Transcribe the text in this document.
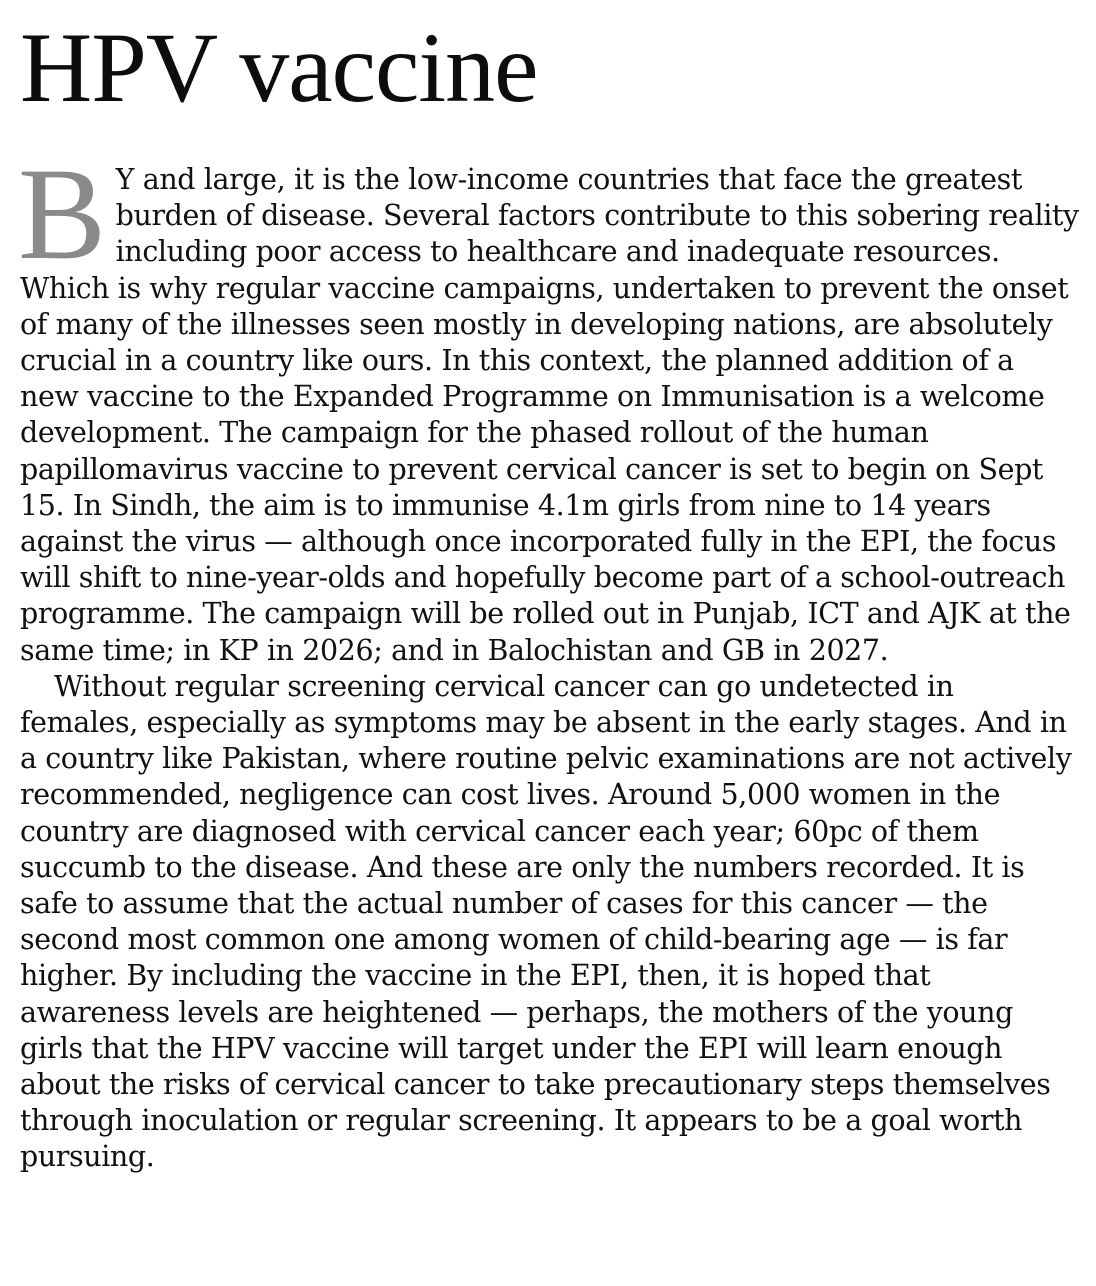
HPV vaccine

B Y and large, it is the low-income countries that face the greatest burden of disease. Several factors contribute to this sobering reality including poor access to healthcare and inadequate resources. Which is why regular vaccine campaigns, undertaken to prevent the onset of many of the illnesses seen mostly in developing nations, are absolutely crucial in a country like ours. In this context, the planned addition of a new vaccine to the Expanded Programme on Immunisation is a welcome development. The campaign for the phased rollout of the human papillomavirus vaccine to prevent cervical cancer is set to begin on Sept 15. In Sindh, the aim is to immunise 4.1m girls from nine to 14 years against the virus — although once incorporated fully in the EPI, the focus will shift to nine-year-olds and hopefully become part of a school-outreach programme. The campaign will be rolled out in Punjab, ICT and AJK at the same time; in KP in 2026; and in Balochistan and GB in 2027.

Without regular screening cervical cancer can go undetected in females, especially as symptoms may be absent in the early stages. And in a country like Pakistan, where routine pelvic examinations are not actively recommended, negligence can cost lives. Around 5,000 women in the country are diagnosed with cervical cancer each year; 60pc of them succumb to the disease. And these are only the numbers recorded. It is safe to assume that the actual number of cases for this cancer — the second most common one among women of child-bearing age — is far higher. By including the vaccine in the EPI, then, it is hoped that awareness levels are heightened — perhaps, the mothers of the young girls that the HPV vaccine will target under the EPI will learn enough about the risks of cervical cancer to take precautionary steps themselves through inoculation or regular screening. It appears to be a goal worth pursuing.
